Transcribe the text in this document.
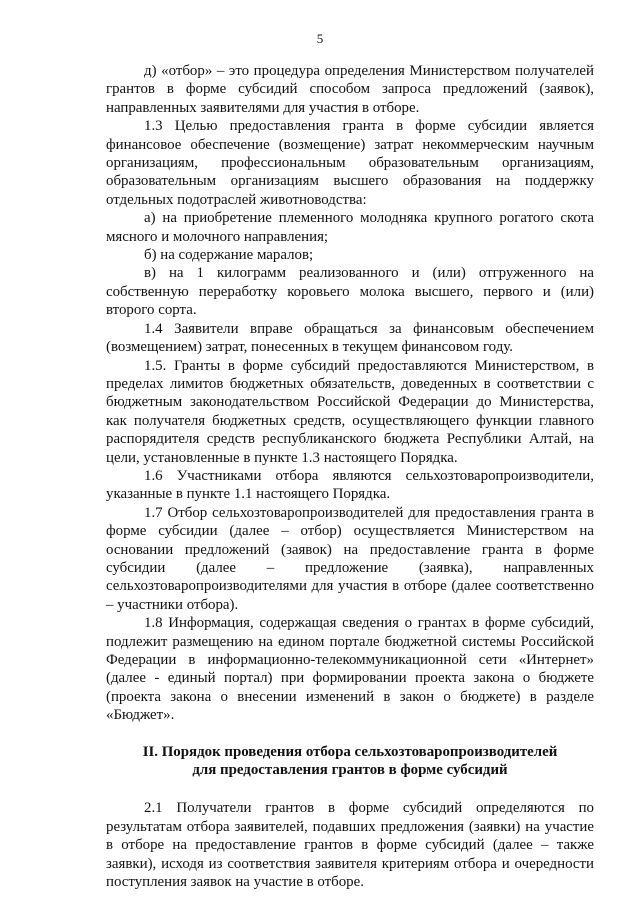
5

д) «отбор» – это процедура определения Министерством получателей грантов в форме субсидий способом запроса предложений (заявок), направленных заявителями для участия в отборе.

1.3 Целью предоставления гранта в форме субсидии является финансовое обеспечение (возмещение) затрат некоммерческим научным организациям, профессиональным образовательным организациям, образовательным организациям высшего образования на поддержку отдельных подотраслей животноводства:

а) на приобретение племенного молодняка крупного рогатого скота мясного и молочного направления;

б) на содержание маралов;

в) на 1 килограмм реализованного и (или) отгруженного на собственную переработку коровьего молока высшего, первого и (или) второго сорта.

1.4 Заявители вправе обращаться за финансовым обеспечением (возмещением) затрат, понесенных в текущем финансовом году.

1.5. Гранты в форме субсидий предоставляются Министерством, в пределах лимитов бюджетных обязательств, доведенных в соответствии с бюджетным законодательством Российской Федерации до Министерства, как получателя бюджетных средств, осуществляющего функции главного распорядителя средств республиканского бюджета Республики Алтай, на цели, установленные в пункте 1.3 настоящего Порядка.

1.6 Участниками отбора являются сельхозтоваропроизводители, указанные в пункте 1.1 настоящего Порядка.

1.7 Отбор сельхозтоваропроизводителей для предоставления гранта в форме субсидии (далее – отбор) осуществляется Министерством на основании предложений (заявок) на предоставление гранта в форме субсидии (далее – предложение (заявка), направленных сельхозтоваропроизводителями для участия в отборе (далее соответственно – участники отбора).

1.8 Информация, содержащая сведения о грантах в форме субсидий, подлежит размещению на едином портале бюджетной системы Российской Федерации в информационно-телекоммуникационной сети «Интернет» (далее - единый портал) при формировании проекта закона о бюджете (проекта закона о внесении изменений в закон о бюджете) в разделе «Бюджет».

II. Порядок проведения отбора сельхозтоваропроизводителей
для предоставления грантов в форме субсидий

2.1 Получатели грантов в форме субсидий определяются по результатам отбора заявителей, подавших предложения (заявки) на участие в отборе на предоставление грантов в форме субсидий (далее – также заявки), исходя из соответствия заявителя критериям отбора и очередности поступления заявок на участие в отборе.
